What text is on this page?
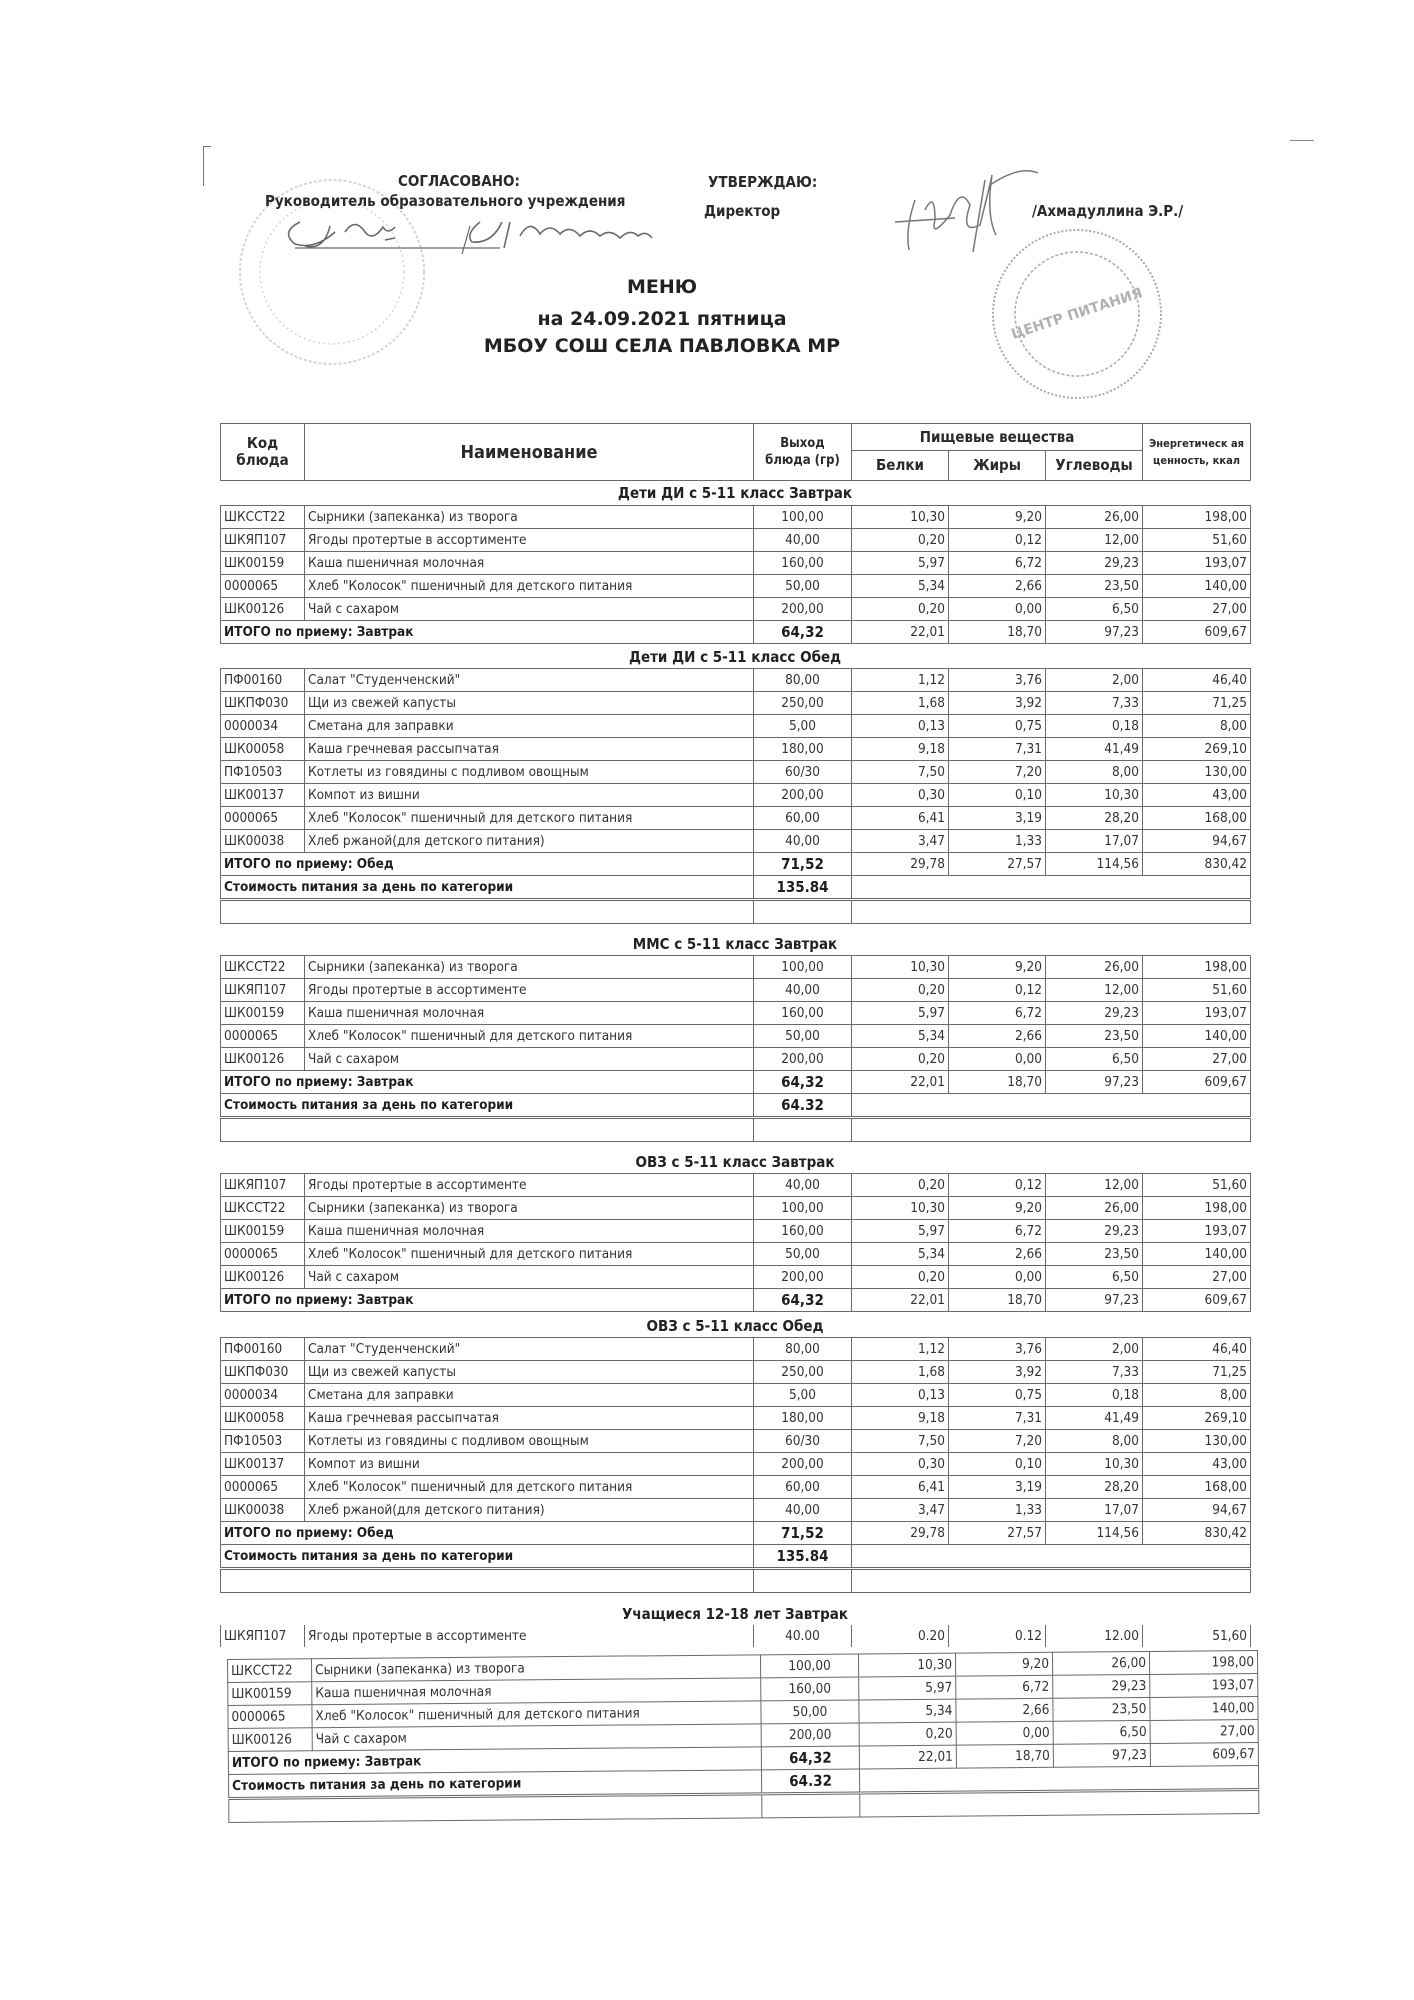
ЦЕНТР ПИТАНИЯ
СОГЛАСОВАНО:
Руководитель образовательного учреждения
УТВЕРЖДАЮ:
Директор	/Ахмадуллина Э.Р./
МЕНЮ
на 24.09.2021 пятница
МБОУ СОШ СЕЛА ПАВЛОВКА МР
Код блюда	Наименование	Выход блюда (гр)	Пищевые вещества			Энергетическ ая ценность, ккал
			Белки	Жиры	Углеводы	
Дети ДИ с 5-11 класс Завтрак
ШКССТ22	Сырники (запеканка) из творога	100,00	10,30	9,20	26,00	198,00
ШКЯП107	Ягоды протертые в ассортименте	40,00	0,20	0,12	12,00	51,60
ШК00159	Каша пшеничная молочная	160,00	5,97	6,72	29,23	193,07
0000065	Хлеб "Колосок" пшеничный для детского питания	50,00	5,34	2,66	23,50	140,00
ШК00126	Чай с сахаром	200,00	0,20	0,00	6,50	27,00
ИТОГО по приему: Завтрак		64,32	22,01	18,70	97,23	609,67
Дети ДИ с 5-11 класс Обед
ПФ00160	Салат "Студенченский"	80,00	1,12	3,76	2,00	46,40
ШКПФ030	Щи из свежей капусты	250,00	1,68	3,92	7,33	71,25
0000034	Сметана для заправки	5,00	0,13	0,75	0,18	8,00
ШК00058	Каша гречневая рассыпчатая	180,00	9,18	7,31	41,49	269,10
ПФ10503	Котлеты из говядины с подливом овощным	60/30	7,50	7,20	8,00	130,00
ШК00137	Компот из вишни	200,00	0,30	0,10	10,30	43,00
0000065	Хлеб "Колосок" пшеничный для детского питания	60,00	6,41	3,19	28,20	168,00
ШК00038	Хлеб ржаной(для детского питания)	40,00	3,47	1,33	17,07	94,67
ИТОГО по приему: Обед		71,52	29,78	27,57	114,56	830,42
Стоимость питания за день по категории		135.84				

ММС с 5-11 класс Завтрак
ШКССТ22	Сырники (запеканка) из творога	100,00	10,30	9,20	26,00	198,00
ШКЯП107	Ягоды протертые в ассортименте	40,00	0,20	0,12	12,00	51,60
ШК00159	Каша пшеничная молочная	160,00	5,97	6,72	29,23	193,07
0000065	Хлеб "Колосок" пшеничный для детского питания	50,00	5,34	2,66	23,50	140,00
ШК00126	Чай с сахаром	200,00	0,20	0,00	6,50	27,00
ИТОГО по приему: Завтрак		64,32	22,01	18,70	97,23	609,67
Стоимость питания за день по категории		64.32				

ОВЗ с 5-11 класс Завтрак
ШКЯП107	Ягоды протертые в ассортименте	40,00	0,20	0,12	12,00	51,60
ШКССТ22	Сырники (запеканка) из творога	100,00	10,30	9,20	26,00	198,00
ШК00159	Каша пшеничная молочная	160,00	5,97	6,72	29,23	193,07
0000065	Хлеб "Колосок" пшеничный для детского питания	50,00	5,34	2,66	23,50	140,00
ШК00126	Чай с сахаром	200,00	0,20	0,00	6,50	27,00
ИТОГО по приему: Завтрак		64,32	22,01	18,70	97,23	609,67
ОВЗ с 5-11 класс Обед
ПФ00160	Салат "Студенченский"	80,00	1,12	3,76	2,00	46,40
ШКПФ030	Щи из свежей капусты	250,00	1,68	3,92	7,33	71,25
0000034	Сметана для заправки	5,00	0,13	0,75	0,18	8,00
ШК00058	Каша гречневая рассыпчатая	180,00	9,18	7,31	41,49	269,10
ПФ10503	Котлеты из говядины с подливом овощным	60/30	7,50	7,20	8,00	130,00
ШК00137	Компот из вишни	200,00	0,30	0,10	10,30	43,00
0000065	Хлеб "Колосок" пшеничный для детского питания	60,00	6,41	3,19	28,20	168,00
ШК00038	Хлеб ржаной(для детского питания)	40,00	3,47	1,33	17,07	94,67
ИТОГО по приему: Обед		71,52	29,78	27,57	114,56	830,42
Стоимость питания за день по категории		135.84				

Учащиеся 12-18 лет Завтрак
ШКЯП107	Ягоды протертые в ассортименте	40.00	0.20	0.12	12.00	51,60
ШКССТ22	Сырники (запеканка) из творога	100,00	10,30	9,20	26,00	198,00
ШК00159	Каша пшеничная молочная	160,00	5,97	6,72	29,23	193,07
0000065	Хлеб "Колосок" пшеничный для детского питания	50,00	5,34	2,66	23,50	140,00
ШК00126	Чай с сахаром	200,00	0,20	0,00	6,50	27,00
ИТОГО по приему: Завтрак		64,32	22,01	18,70	97,23	609,67
Стоимость питания за день по категории		64.32				
